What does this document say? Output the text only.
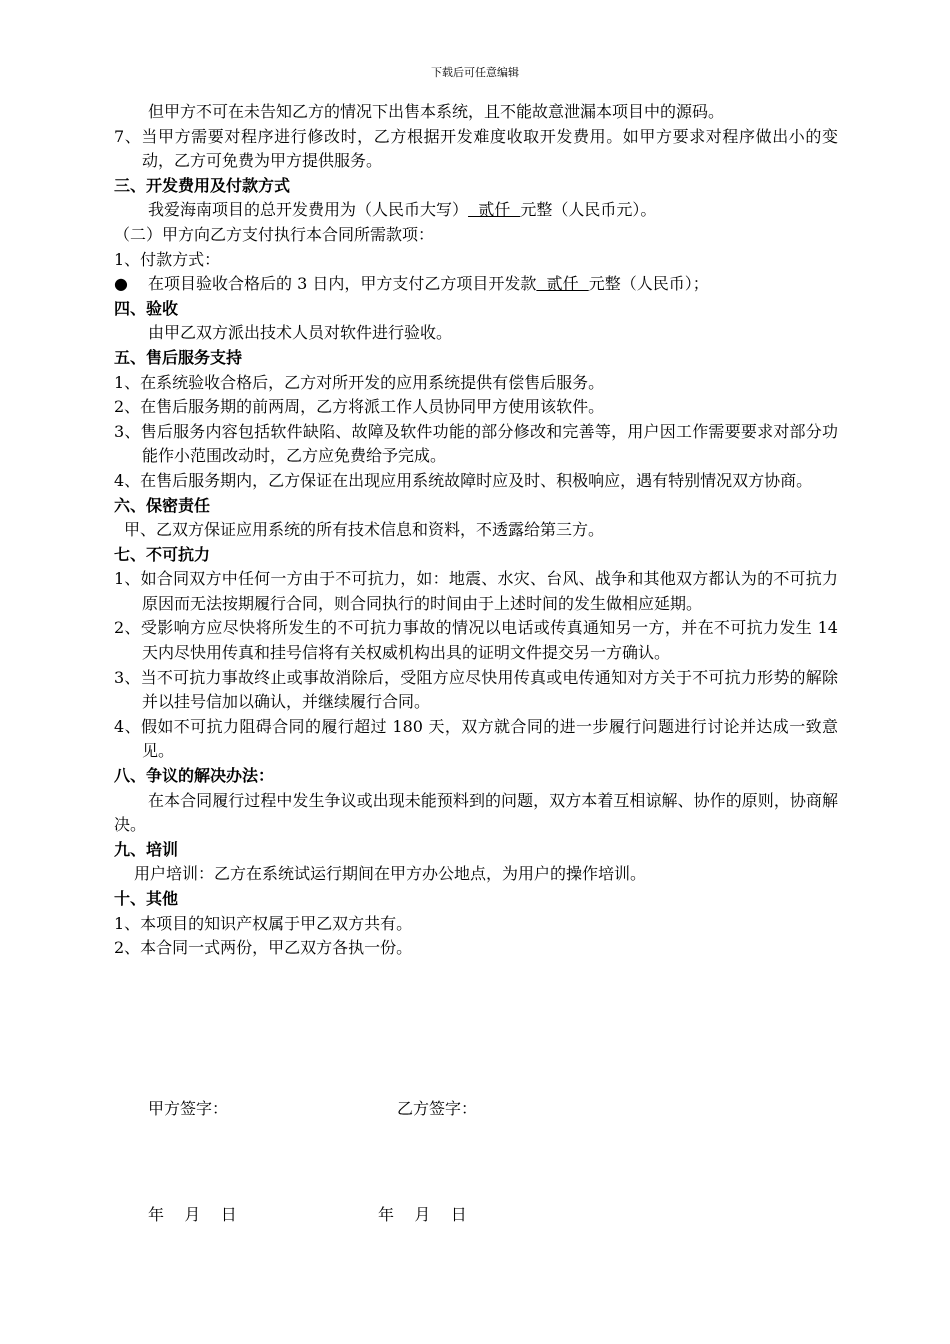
下载后可任意编辑

但甲方不可在未告知乙方的情况下出售本系统，且不能故意泄漏本项目中的源码。

7、当甲方需要对程序进行修改时，乙方根据开发难度收取开发费用。如甲方要求对程序做出小的变动，乙方可免费为甲方提供服务。

三、开发费用及付款方式

我爱海南项目的总开发费用为（人民币大写）  贰仟  元整（人民币元）。

（二）甲方向乙方支付执行本合同所需款项：

1、付款方式：

● 在项目验收合格后的 3 日内，甲方支付乙方项目开发款  贰仟  元整（人民币）；

四、验收

由甲乙双方派出技术人员对软件进行验收。

五、售后服务支持

1、在系统验收合格后，乙方对所开发的应用系统提供有偿售后服务。

2、在售后服务期的前两周，乙方将派工作人员协同甲方使用该软件。

3、售后服务内容包括软件缺陷、故障及软件功能的部分修改和完善等，用户因工作需要要求对部分功能作小范围改动时，乙方应免费给予完成。

4、在售后服务期内，乙方保证在出现应用系统故障时应及时、积极响应，遇有特别情况双方协商。

六、保密责任

甲、乙双方保证应用系统的所有技术信息和资料，不透露给第三方。

七、不可抗力

1、如合同双方中任何一方由于不可抗力，如：地震、水灾、台风、战争和其他双方都认为的不可抗力原因而无法按期履行合同，则合同执行的时间由于上述时间的发生做相应延期。

2、受影响方应尽快将所发生的不可抗力事故的情况以电话或传真通知另一方，并在不可抗力发生 14 天内尽快用传真和挂号信将有关权威机构出具的证明文件提交另一方确认。

3、当不可抗力事故终止或事故消除后，受阻方应尽快用传真或电传通知对方关于不可抗力形势的解除并以挂号信加以确认，并继续履行合同。

4、假如不可抗力阻碍合同的履行超过 180 天，双方就合同的进一步履行问题进行讨论并达成一致意见。

八、争议的解决办法：

在本合同履行过程中发生争议或出现未能预料到的问题，双方本着互相谅解、协作的原则，协商解决。

九、培训

用户培训：乙方在系统试运行期间在甲方办公地点，为用户的操作培训。

十、其他

1、本项目的知识产权属于甲乙双方共有。

2、本合同一式两份，甲乙双方各执一份。

甲方签字：	乙方签字：
年    月    日	年    月    日
